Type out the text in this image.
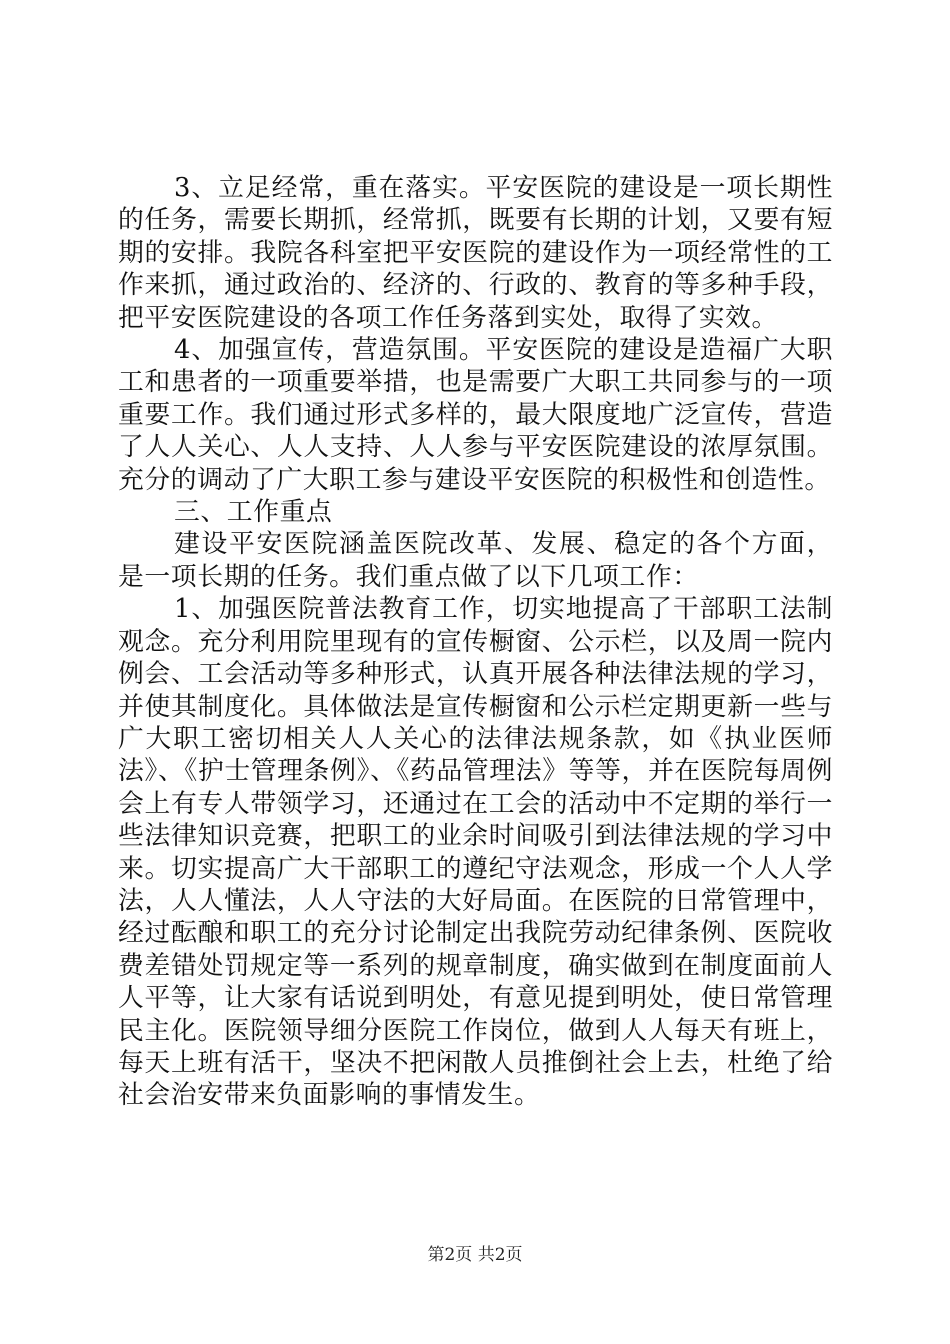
3、立足经常，重在落实。平安医院的建设是一项长期性的任务，需要长期抓，经常抓，既要有长期的计划，又要有短期的安排。我院各科室把平安医院的建设作为一项经常性的工作来抓，通过政治的、经济的、行政的、教育的等多种手段，把平安医院建设的各项工作任务落到实处，取得了实效。

4、加强宣传，营造氛围。平安医院的建设是造福广大职工和患者的一项重要举措，也是需要广大职工共同参与的一项重要工作。我们通过形式多样的，最大限度地广泛宣传，营造了人人关心、人人支持、人人参与平安医院建设的浓厚氛围。充分的调动了广大职工参与建设平安医院的积极性和创造性。

三、工作重点

建设平安医院涵盖医院改革、发展、稳定的各个方面，是一项长期的任务。我们重点做了以下几项工作：

1、加强医院普法教育工作，切实地提高了干部职工法制观念。充分利用院里现有的宣传橱窗、公示栏，以及周一院内例会、工会活动等多种形式，认真开展各种法律法规的学习，并使其制度化。具体做法是宣传橱窗和公示栏定期更新一些与广大职工密切相关人人关心的法律法规条款，如《执业医师法》、《护士管理条例》、《药品管理法》等等，并在医院每周例会上有专人带领学习，还通过在工会的活动中不定期的举行一些法律知识竞赛，把职工的业余时间吸引到法律法规的学习中来。切实提高广大干部职工的遵纪守法观念，形成一个人人学法，人人懂法，人人守法的大好局面。在医院的日常管理中，经过酝酿和职工的充分讨论制定出我院劳动纪律条例、医院收费差错处罚规定等一系列的规章制度，确实做到在制度面前人人平等，让大家有话说到明处，有意见提到明处，使日常管理民主化。医院领导细分医院工作岗位，做到人人每天有班上，每天上班有活干，坚决不把闲散人员推倒社会上去，杜绝了给社会治安带来负面影响的事情发生。

第2页 共2页
